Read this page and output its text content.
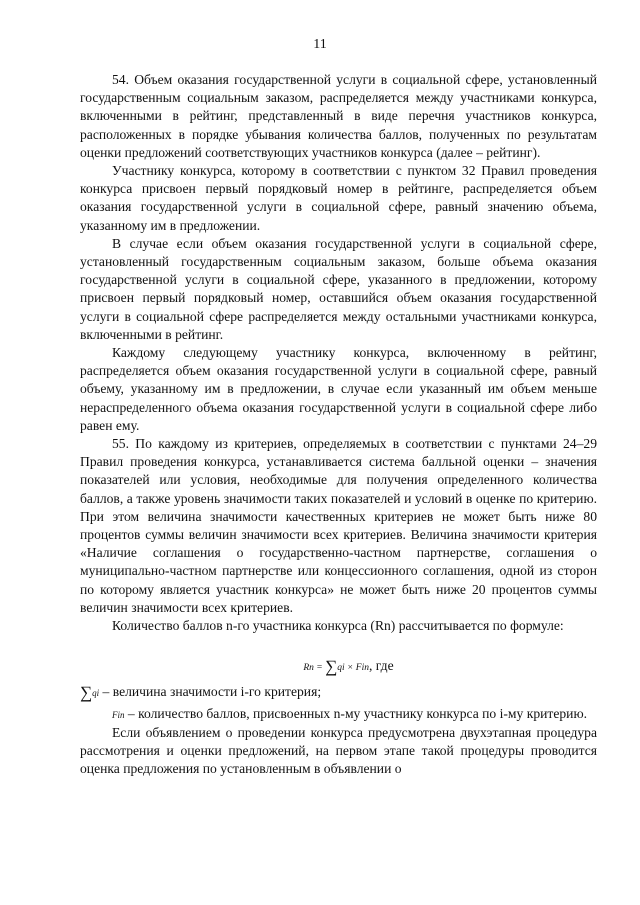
11

54. Объем оказания государственной услуги в социальной сфере, установленный государственным социальным заказом, распределяется между участниками конкурса, включенными в рейтинг, представленный в виде перечня участников конкурса, расположенных в порядке убывания количества баллов, полученных по результатам оценки предложений соответствующих участников конкурса (далее – рейтинг).

Участнику конкурса, которому в соответствии с пунктом 32 Правил проведения конкурса присвоен первый порядковый номер в рейтинге, распределяется объем оказания государственной услуги в социальной сфере, равный значению объема, указанному им в предложении.

В случае если объем оказания государственной услуги в социальной сфере, установленный государственным социальным заказом, больше объема оказания государственной услуги в социальной сфере, указанного в предложении, которому присвоен первый порядковый номер, оставшийся объем оказания государственной услуги в социальной сфере распределяется между остальными участниками конкурса, включенными в рейтинг.

Каждому следующему участнику конкурса, включенному в рейтинг, распределяется объем оказания государственной услуги в социальной сфере, равный объему, указанному им в предложении, в случае если указанный им объем меньше нераспределенного объема оказания государственной услуги в социальной сфере либо равен ему.

55. По каждому из критериев, определяемых в соответствии с пунктами 24–29 Правил проведения конкурса, устанавливается система балльной оценки – значения показателей или условия, необходимые для получения определенного количества баллов, а также уровень значимости таких показателей и условий в оценке по критерию. При этом величина значимости качественных критериев не может быть ниже 80 процентов суммы величин значимости всех критериев. Величина значимости критерия «Наличие соглашения о государственно-частном партнерстве, соглашения о муниципально-частном партнерстве или концессионного соглашения, одной из сторон по которому является участник конкурса» не может быть ниже 20 процентов суммы величин значимости всех критериев.

Количество баллов n-го участника конкурса (Rn) рассчитывается по формуле:

Rn = ∑qi × Fin, где

∑qi – величина значимости i-го критерия;

Fin – количество баллов, присвоенных n-му участнику конкурса по i-му критерию.

Если объявлением о проведении конкурса предусмотрена двухэтапная процедура рассмотрения и оценки предложений, на первом этапе такой процедуры проводится оценка предложения по установленным в объявлении о
